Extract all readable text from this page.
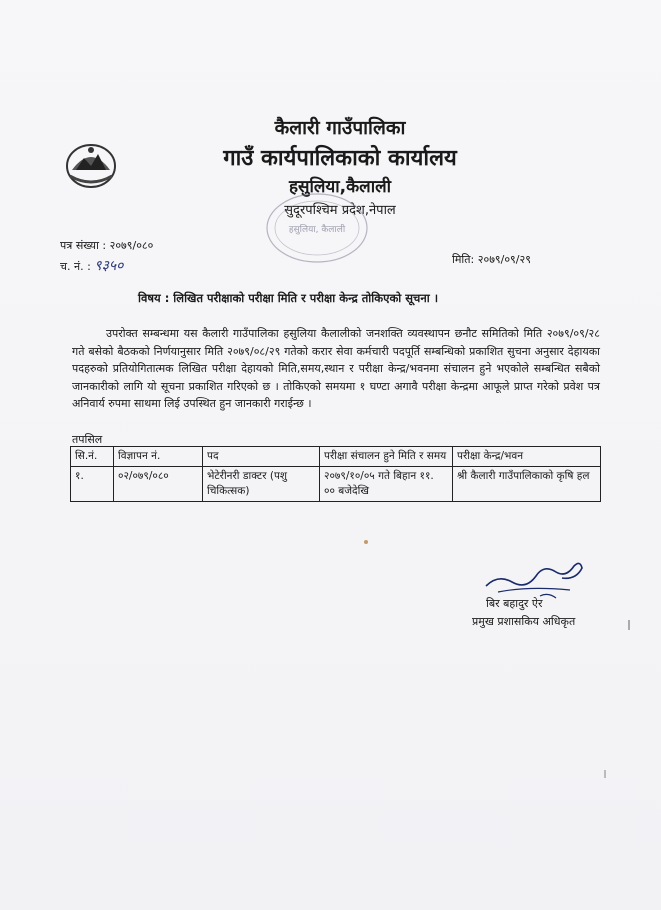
कैलारी गाउँपालिका
गाउँ कार्यपालिकाको कार्यालय
हसुलिया,कैलाली
सुदूरपश्चिम प्रदेश,नेपाल
हसुलिया, कैलाली
पत्र संख्या : २०७९/०८०
च. नं. : ९३५०	मिति: २०७९/०९/२९
विषय : लिखित परीक्षाको परीक्षा मिति र परीक्षा केन्द्र तोकिएको सूचना ।
उपरोक्त सम्बन्धमा यस कैलारी गाउँपालिका हसुलिया कैलालीको जनशक्ति व्यवस्थापन छनौट समितिको मिति २०७९/०९/२८ गते बसेको बैठकको निर्णयानुसार मिति २०७९/०८/२९ गतेको करार सेवा कर्मचारी पदपूर्ति सम्बन्धिको प्रकाशित सुचना अनुसार देहायका पदहरुको प्रतियोगितात्मक लिखित परीक्षा देहायको मिति,समय,स्थान र परीक्षा केन्द्र/भवनमा संचालन हुने भएकोले सम्बन्धित सबैको जानकारीको लागि यो सूचना प्रकाशित गरिएको छ । तोकिएको समयमा १ घण्टा अगावै परीक्षा केन्द्रमा आफूले प्राप्त गरेको प्रवेश पत्र अनिवार्य रुपमा साथमा लिई उपस्थित हुन जानकारी गराईन्छ ।
तपसिल
सि.नं.	विज्ञापन नं.	पद	परीक्षा संचालन हुने मिति र समय	परीक्षा केन्द्र/भवन
१.	०२/०७९/०८०	भेटेरीनरी डाक्टर (पशु चिकित्सक)	२०७९/१०/०५ गते बिहान ११. ०० बजेदेखि	श्री कैलारी गाउँपालिकाको कृषि हल
बिर बहादुर ऐर
प्रमुख प्रशासकिय अधिकृत
